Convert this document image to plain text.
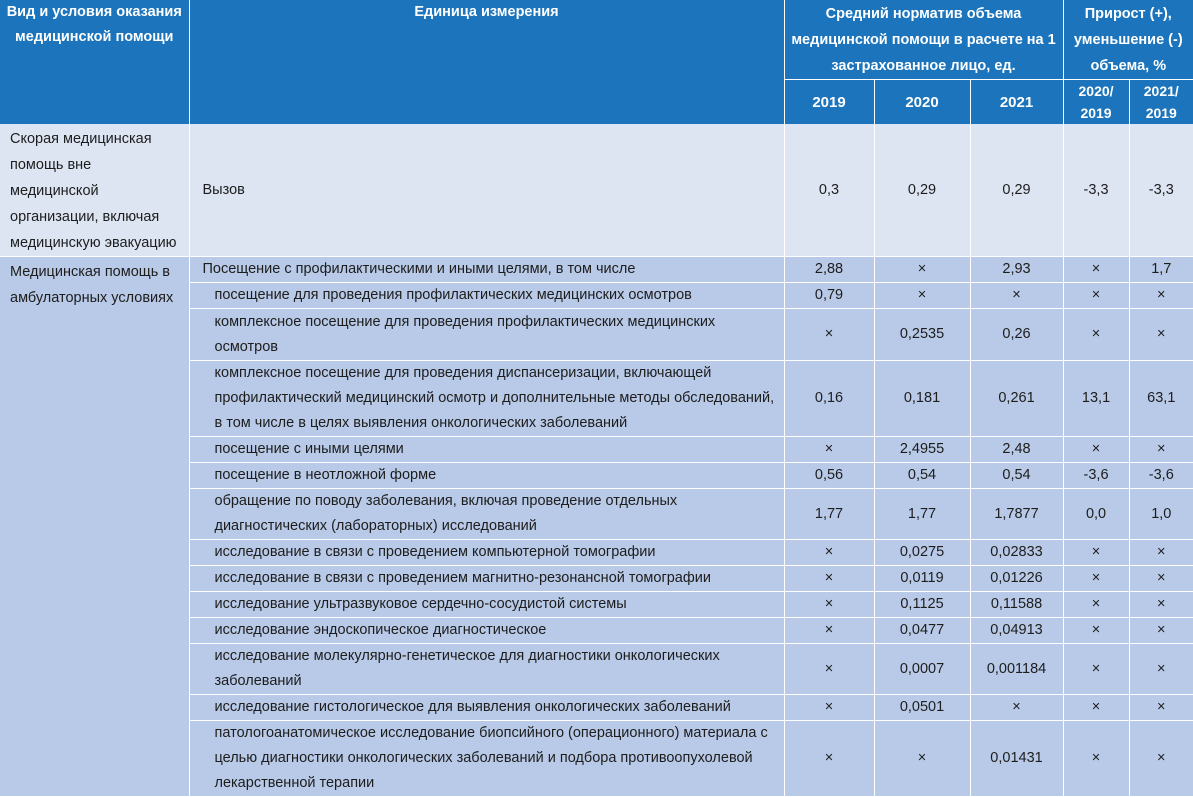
Вид и условия оказания медицинской помощи	Единица измерения	Средний норматив объема медицинской помощи в расчете на 1 застрахованное лицо, ед.			Прирост (+), уменьшение (-) объема, %	
		2019	2020	2021	2020/ 2019	2021/ 2019
Скорая медицинская помощь вне медицинской организации, включая медицинскую эвакуацию	Вызов	0,3	0,29	0,29	-3,3	-3,3
Медицинская помощь в амбулаторных условиях	Посещение с профилактическими и иными целями, в том числе	2,88	×	2,93	×	1,7
	посещение для проведения профилактических медицинских осмотров	0,79	×	×	×	×
	комплексное посещение для проведения профилактических медицинских осмотров	×	0,2535	0,26	×	×
	комплексное посещение для проведения диспансеризации, включающей профилактический медицинский осмотр и дополнительные методы обследований, в том числе в целях выявления онкологических заболеваний	0,16	0,181	0,261	13,1	63,1
	посещение с иными целями	×	2,4955	2,48	×	×
	посещение в неотложной форме	0,56	0,54	0,54	-3,6	-3,6
	обращение по поводу заболевания, включая проведение отдельных диагностических (лабораторных) исследований	1,77	1,77	1,7877	0,0	1,0
	исследование в связи с проведением компьютерной томографии	×	0,0275	0,02833	×	×
	исследование в связи с проведением магнитно-резонансной томографии	×	0,0119	0,01226	×	×
	исследование ультразвуковое сердечно-сосудистой системы	×	0,1125	0,11588	×	×
	исследование эндоскопическое диагностическое	×	0,0477	0,04913	×	×
	исследование молекулярно-генетическое для диагностики онкологических заболеваний	×	0,0007	0,001184	×	×
	исследование гистологическое для выявления онкологических заболеваний	×	0,0501	×	×	×
	патологоанатомическое исследование биопсийного (операционного) материала с целью диагностики онкологических заболеваний и подбора противоопухолевой лекарственной терапии	×	×	0,01431	×	×
